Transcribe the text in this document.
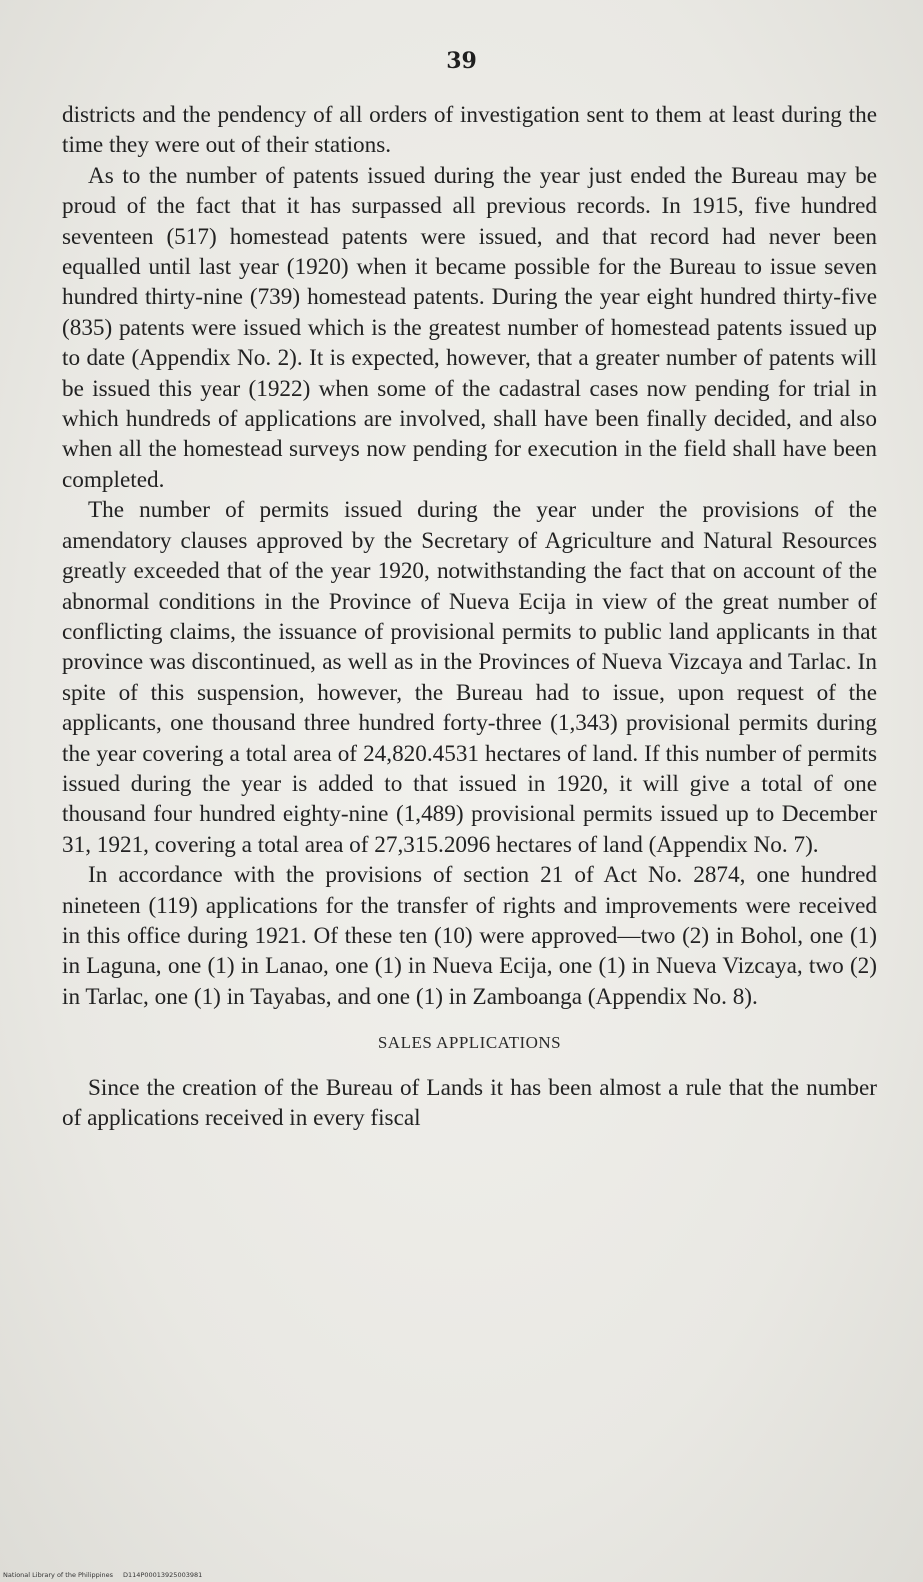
39

districts and the pendency of all orders of investigation sent to them at least during the time they were out of their stations.

As to the number of patents issued during the year just ended the Bureau may be proud of the fact that it has surpassed all previous records. In 1915, five hundred seventeen (517) homestead patents were issued, and that record had never been equalled until last year (1920) when it became possible for the Bureau to issue seven hundred thirty-nine (739) homestead patents. During the year eight hundred thirty-five (835) patents were issued which is the greatest number of homestead patents issued up to date (Appendix No. 2). It is expected, however, that a greater number of patents will be issued this year (1922) when some of the cadastral cases now pending for trial in which hundreds of applications are involved, shall have been finally decided, and also when all the homestead surveys now pending for execution in the field shall have been completed.

The number of permits issued during the year under the provisions of the amendatory clauses approved by the Secretary of Agriculture and Natural Resources greatly exceeded that of the year 1920, notwithstanding the fact that on account of the abnormal conditions in the Province of Nueva Ecija in view of the great number of conflicting claims, the issuance of provisional permits to public land applicants in that province was discontinued, as well as in the Provinces of Nueva Vizcaya and Tarlac. In spite of this suspension, however, the Bureau had to issue, upon request of the applicants, one thousand three hundred forty-three (1,343) provisional permits during the year covering a total area of 24,820.4531 hectares of land. If this number of permits issued during the year is added to that issued in 1920, it will give a total of one thousand four hundred eighty-nine (1,489) provisional permits issued up to December 31, 1921, covering a total area of 27,315.2096 hectares of land (Appendix No. 7).

In accordance with the provisions of section 21 of Act No. 2874, one hundred nineteen (119) applications for the transfer of rights and improvements were received in this office during 1921. Of these ten (10) were approved—two (2) in Bohol, one (1) in Laguna, one (1) in Lanao, one (1) in Nueva Ecija, one (1) in Nueva Vizcaya, two (2) in Tarlac, one (1) in Tayabas, and one (1) in Zamboanga (Appendix No. 8).

SALES APPLICATIONS

Since the creation of the Bureau of Lands it has been almost a rule that the number of applications received in every fiscal

National Library of the Philippines D114P00013925003981
